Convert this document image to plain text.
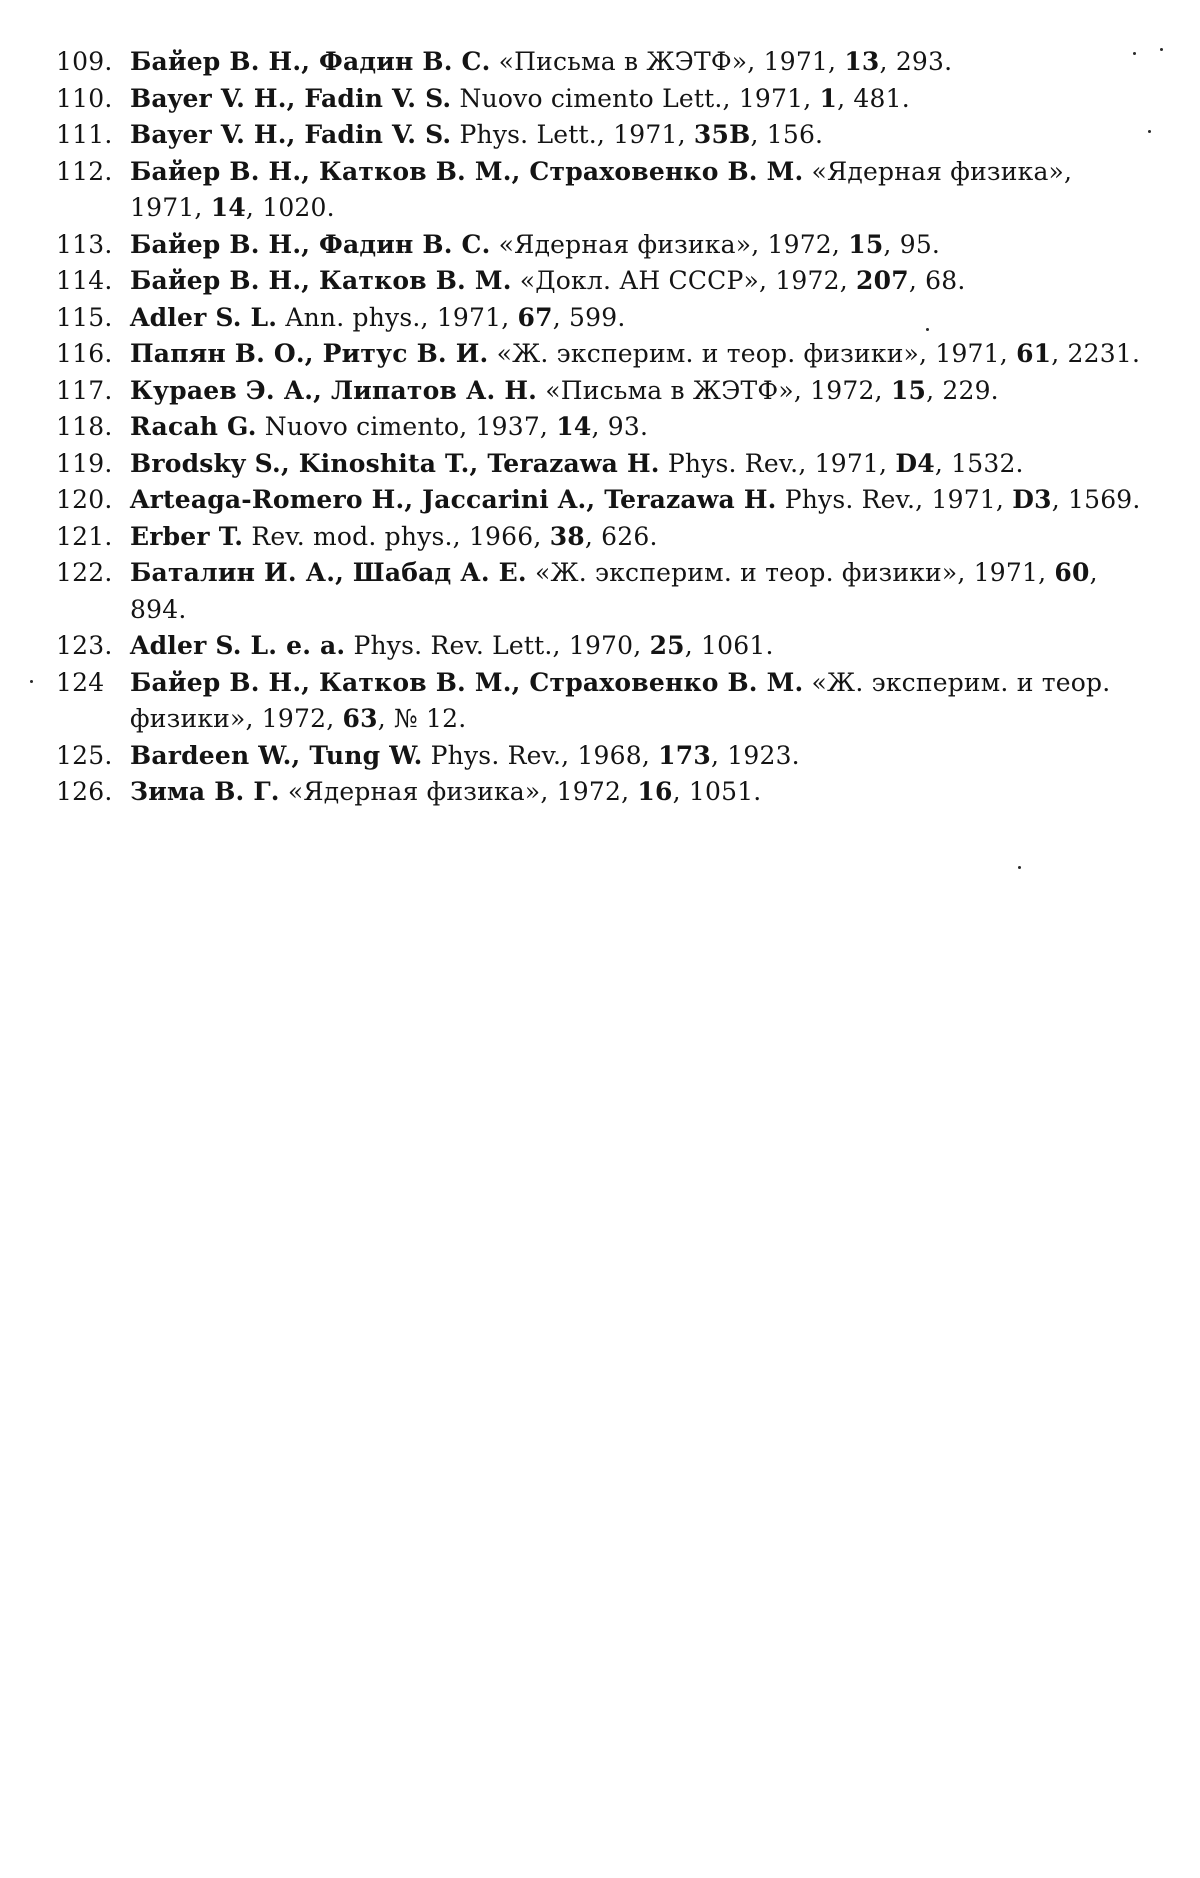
109. Байер В. Н., Фадин В. С. «Письма в ЖЭТФ», 1971, 13, 293.
110. Bayer V. H., Fadin V. S. Nuovo cimento Lett., 1971, 1, 481.
111. Bayer V. H., Fadin V. S. Phys. Lett., 1971, 35B, 156.
112. Байер В. Н., Катков В. М., Страховенко В. М. «Ядерная физика», 1971, 14, 1020.
113. Байер В. Н., Фадин В. С. «Ядерная физика», 1972, 15, 95.
114. Байер В. Н., Катков В. М. «Докл. АН СССР», 1972, 207, 68.
115. Adler S. L. Ann. phys., 1971, 67, 599.
116. Папян В. О., Ритус В. И. «Ж. эксперим. и теор. физики», 1971, 61, 2231.
117. Кураев Э. А., Липатов А. Н. «Письма в ЖЭТФ», 1972, 15, 229.
118. Racah G. Nuovo cimento, 1937, 14, 93.
119. Brodsky S., Kinoshita T., Terazawa H. Phys. Rev., 1971, D4, 1532.
120. Arteaga-Romero H., Jaccarini A., Terazawa H. Phys. Rev., 1971, D3, 1569.
121. Erber T. Rev. mod. phys., 1966, 38, 626.
122. Баталин И. А., Шабад А. Е. «Ж. эксперим. и теор. физики», 1971, 60, 894.
123. Adler S. L. e. a. Phys. Rev. Lett., 1970, 25, 1061.
124	Байер В. Н., Катков В. М., Страховенко В. М. «Ж. эксперим. и теор. физики», 1972, 63, № 12.
125. Bardeen W., Tung W. Phys. Rev., 1968, 173, 1923.
126. Зима В. Г. «Ядерная физика», 1972, 16, 1051.
